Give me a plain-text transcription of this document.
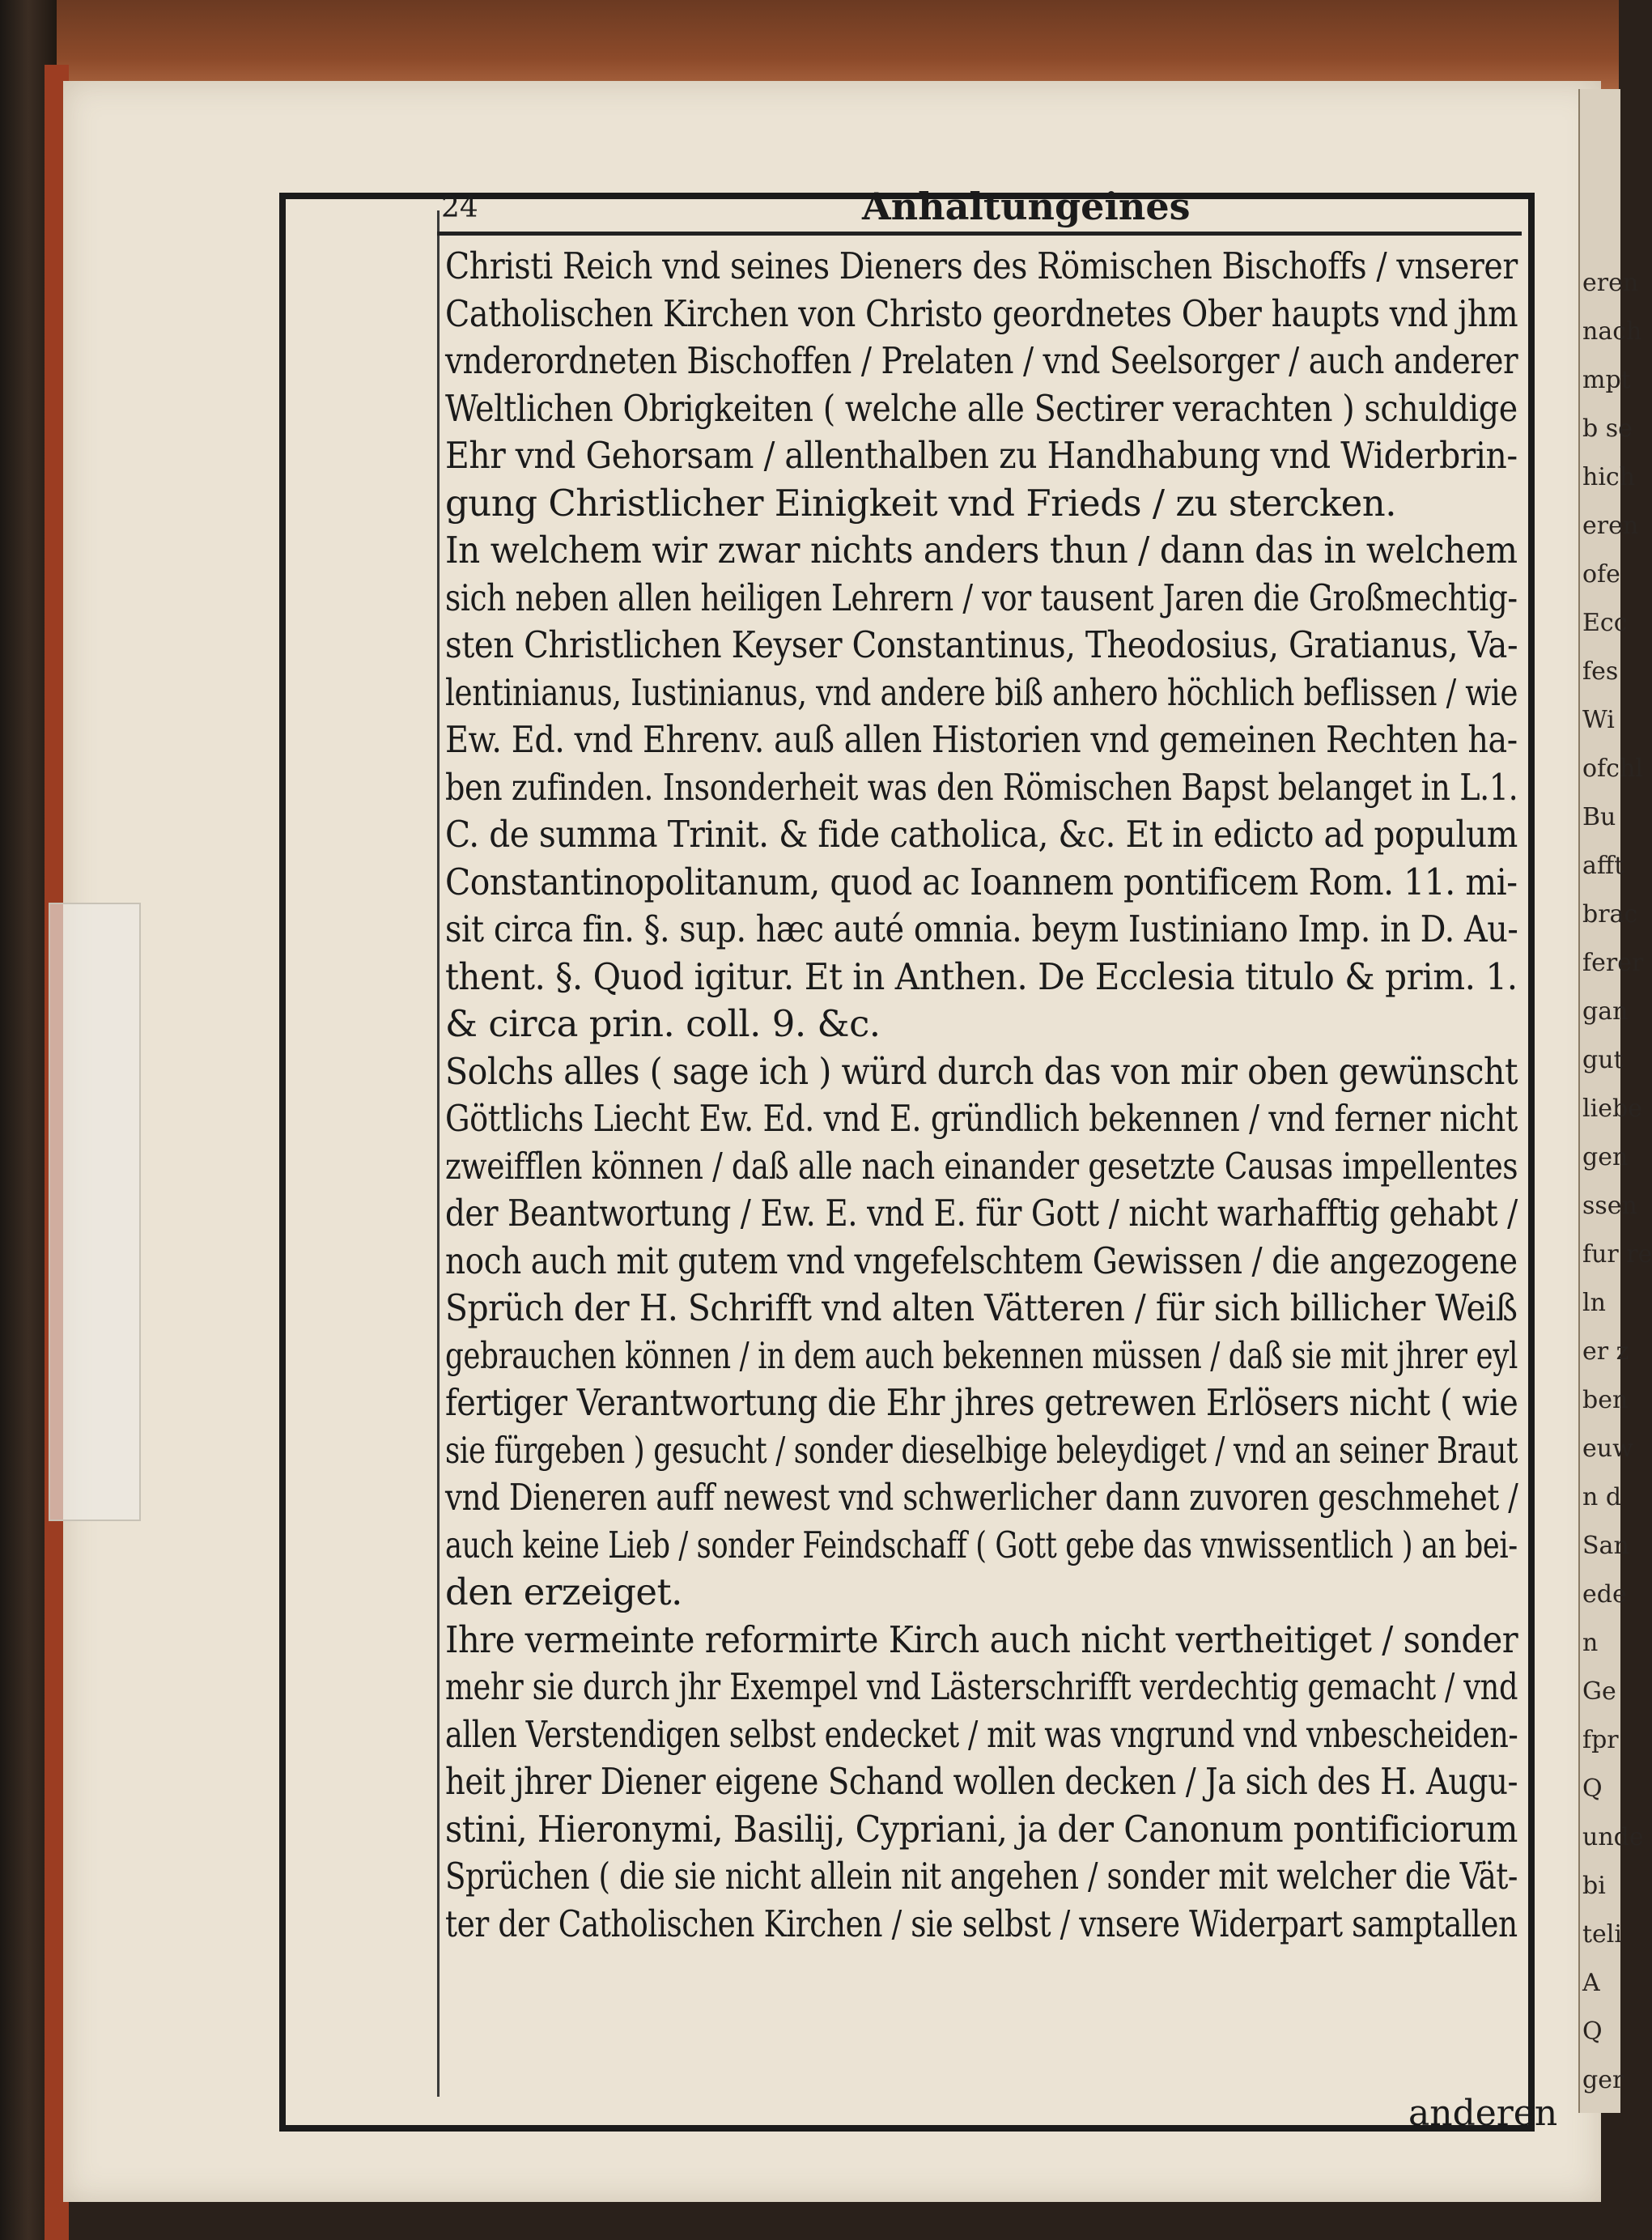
eren
nach
mpt
b se
hich
eren
ofe
Ecc
fes
Wi
ofchl
Bu
afft
brac
ferer
gan
gut
liebe
gen
ssen
fur re
ln
er z
ben
euw
n d
San
ede
n
Ge
fpr
Q
unde
bi
teli
A
Q
ger
24	Anhaltungeines
Christi Reich vnd seines Dieners des Römischen Bischoffs / vnserer
Catholischen Kirchen von Christo geordnetes Ober haupts vnd jhm
vnderordneten Bischoffen / Prelaten / vnd Seelsorger / auch anderer
Weltlichen Obrigkeiten ( welche alle Sectirer verachten ) schuldige
Ehr vnd Gehorsam / allenthalben zu Handhabung vnd Widerbrin-
gung Christlicher Einigkeit vnd Frieds / zu stercken.
In welchem wir zwar nichts anders thun / dann das in welchem
sich neben allen heiligen Lehrern / vor tausent Jaren die Großmechtig-
sten Christlichen Keyser Constantinus, Theodosius, Gratianus, Va-
lentinianus, Iustinianus, vnd andere biß anhero höchlich beflissen / wie
Ew. Ed. vnd Ehrenv. auß allen Historien vnd gemeinen Rechten ha-
ben zufinden. Insonderheit was den Römischen Bapst belanget in L.1.
C. de summa Trinit. & fide catholica, &c. Et in edicto ad populum
Constantinopolitanum, quod ac Ioannem pontificem Rom. 11. mi-
sit circa fin. §. sup. hæc auté omnia. beym Iustiniano Imp. in D. Au-
thent. §. Quod igitur. Et in Anthen. De Ecclesia titulo & prim. 1.
& circa prin. coll. 9. &c.
Solchs alles ( sage ich ) würd durch das von mir oben gewünscht
Göttlichs Liecht Ew. Ed. vnd E. gründlich bekennen / vnd ferner nicht
zweifflen können / daß alle nach einander gesetzte Causas impellentes
der Beantwortung / Ew. E. vnd E. für Gott / nicht warhafftig gehabt /
noch auch mit gutem vnd vngefelschtem Gewissen / die angezogene
Sprüch der H. Schrifft vnd alten Vätteren / für sich billicher Weiß
gebrauchen können / in dem auch bekennen müssen / daß sie mit jhrer eyl
fertiger Verantwortung die Ehr jhres getrewen Erlösers nicht ( wie
sie fürgeben ) gesucht / sonder dieselbige beleydiget / vnd an seiner Braut
vnd Dieneren auff newest vnd schwerlicher dann zuvoren geschmehet /
auch keine Lieb / sonder Feindschaff ( Gott gebe das vnwissentlich ) an bei-
den erzeiget.
Ihre vermeinte reformirte Kirch auch nicht vertheitiget / sonder
mehr sie durch jhr Exempel vnd Lästerschrifft verdechtig gemacht / vnd
allen Verstendigen selbst endecket / mit was vngrund vnd vnbescheiden-
heit jhrer Diener eigene Schand wollen decken / Ja sich des H. Augu-
stini, Hieronymi, Basilij, Cypriani, ja der Canonum pontificiorum
Sprüchen ( die sie nicht allein nit angehen / sonder mit welcher die Vät-
ter der Catholischen Kirchen / sie selbst / vnsere Widerpart samptallen
anderen
